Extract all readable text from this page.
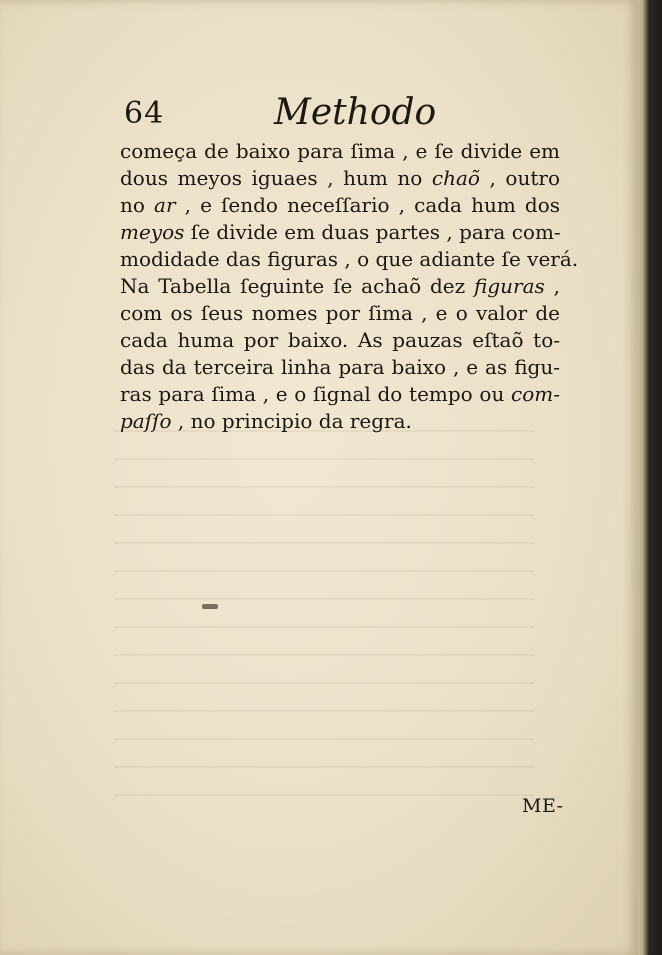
64	Methodo
começa de baixo para ſima , e ſe divide em
dous meyos iguaes , hum no chaõ , outro
no ar , e ſendo neceſſario , cada hum dos
meyos ſe divide em duas partes , para com-
modidade das figuras , o que adiante ſe verá.
Na Tabella ſeguinte ſe achaõ dez figuras ,
com os ſeus nomes por ſima , e o valor de
cada huma por baixo. As pauzas eſtaõ to-
das da terceira linha para baixo , e as figu-
ras para ſima , e o ſignal do tempo ou com-
paſſo , no principio da regra.
ME-
